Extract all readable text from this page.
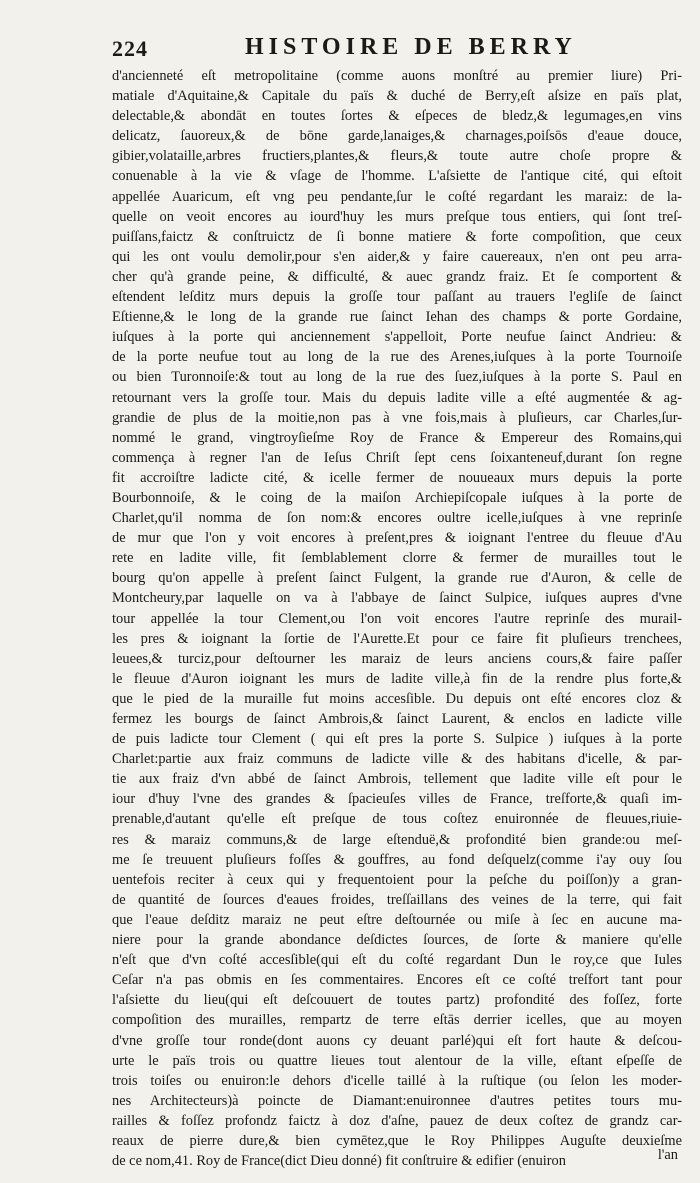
224	HISTOIRE DE BERRY
d'ancienneté eſt metropolitaine (comme auons monſtré au premier liure) Pri-
matiale d'Aquitaine,& Capitale du païs & duché de Berry,eſt aſsize en païs plat,
delectable,& abondāt en toutes ſortes & eſpeces de bledz,& legumages,en vins
delicatz, ſauoreux,& de bōne garde,lanaiges,& charnages,poiſsōs d'eaue douce,
gibier,volataille,arbres fructiers,plantes,& fleurs,& toute autre choſe propre &
conuenable à la vie & vſage de l'homme. L'aſsiette de l'antique cité, qui eſtoit
appellée Auaricum, eſt vng peu pendante,ſur le coſté regardant les maraiz: de la-
quelle on veoit encores au iourd'huy les murs preſque tous entiers, qui ſont treſ-
puiſſans,faictz & conſtruictz de ſi bonne matiere & forte compoſition, que ceux
qui les ont voulu demolir,pour s'en aider,& y faire cauereaux, n'en ont peu arra-
cher qu'à grande peine, & difficulté, & auec grandz fraiz. Et ſe comportent &
eſtendent leſditz murs depuis la groſſe tour paſſant au trauers l'egliſe de ſainct
Eſtienne,& le long de la grande rue ſainct Iehan des champs & porte Gordaine,
iuſques à la porte qui anciennement s'appelloit, Porte neufue ſainct Andrieu: &
de la porte neufue tout au long de la rue des Arenes,iuſques à la porte Tournoiſe
ou bien Turonnoiſe:& tout au long de la rue des ſuez,iuſques à la porte S. Paul en
retournant vers la groſſe tour. Mais du depuis ladite ville a eſté augmentée & ag-
grandie de plus de la moitie,non pas à vne fois,mais à pluſieurs, car Charles,ſur-
nommé le grand, vingtroyſieſme Roy de France & Empereur des Romains,qui
commença à regner l'an de Ieſus Chriſt ſept cens ſoixanteneuf,durant ſon regne
fit accroiſtre ladicte cité, & icelle fermer de nouueaux murs depuis la porte
Bourbonnoiſe, & le coing de la maiſon Archiepiſcopale iuſques à la porte de
Charlet,qu'il nomma de ſon nom:& encores oultre icelle,iuſques à vne reprinſe
de mur que l'on y voit encores à preſent,pres & ioignant l'entree du fleuue d'Au
rete en ladite ville, fit ſemblablement clorre & fermer de murailles tout le
bourg qu'on appelle à preſent ſainct Fulgent, la grande rue d'Auron, & celle de
Montcheury,par laquelle on va à l'abbaye de ſainct Sulpice, iuſques aupres d'vne
tour appellée la tour Clement,ou l'on voit encores l'autre reprinſe des murail-
les pres & ioignant la ſortie de l'Aurette.Et pour ce faire fit pluſieurs trenchees,
leuees,& turciz,pour deſtourner les maraiz de leurs anciens cours,& faire paſſer
le fleuue d'Auron ioignant les murs de ladite ville,à fin de la rendre plus forte,&
que le pied de la muraille fut moins accesſible. Du depuis ont eſté encores cloz &
fermez les bourgs de ſainct Ambrois,& ſainct Laurent, & enclos en ladicte ville
de puis ladicte tour Clement ( qui eſt pres la porte S. Sulpice ) iuſques à la porte
Charlet:partie aux fraiz communs de ladicte ville & des habitans d'icelle, & par-
tie aux fraiz d'vn abbé de ſainct Ambrois, tellement que ladite ville eſt pour le
iour d'huy l'vne des grandes & ſpacieuſes villes de France, treſforte,& quaſi im-
prenable,d'autant qu'elle eſt preſque de tous coſtez enuironnée de fleuues,riuie-
res & maraiz communs,& de large eſtenduë,& profondité bien grande:ou meſ-
me ſe treuuent pluſieurs foſſes & gouffres, au fond deſquelz(comme i'ay ouy ſou
uentefois reciter à ceux qui y frequentoient pour la peſche du poiſſon)y a gran-
de quantité de ſources d'eaues froides, treſſaillans des veines de la terre, qui fait
que l'eaue deſditz maraiz ne peut eſtre deſtournée ou miſe à ſec en aucune ma-
niere pour la grande abondance deſdictes ſources, de ſorte & maniere qu'elle
n'eſt que d'vn coſté accesſible(qui eſt du coſté regardant Dun le roy,ce que Iules
Ceſar n'a pas obmis en ſes commentaires. Encores eſt ce coſté treſfort tant pour
l'aſsiette du lieu(qui eſt deſcouuert de toutes partz) profondité des foſſez, forte
compoſition des murailles, rempartz de terre eſtās derrier icelles, que au moyen
d'vne groſſe tour ronde(dont auons cy deuant parlé)qui eſt fort haute & deſcou-
urte le païs trois ou quattre lieues tout alentour de la ville, eſtant eſpeſſe de
trois toiſes ou enuiron:le dehors d'icelle taillé à la ruſtique (ou ſelon les moder-
nes Architecteurs)à poincte de Diamant:enuironnee d'autres petites tours mu-
railles & foſſez profondz faictz à doz d'aſne, pauez de deux coſtez de grandz car-
reaux de pierre dure,& bien cymētez,que le Roy Philippes Auguſte deuxieſme
de ce nom,41. Roy de France(dict Dieu donné) fit conſtruire & edifier (enuiron	l'an
